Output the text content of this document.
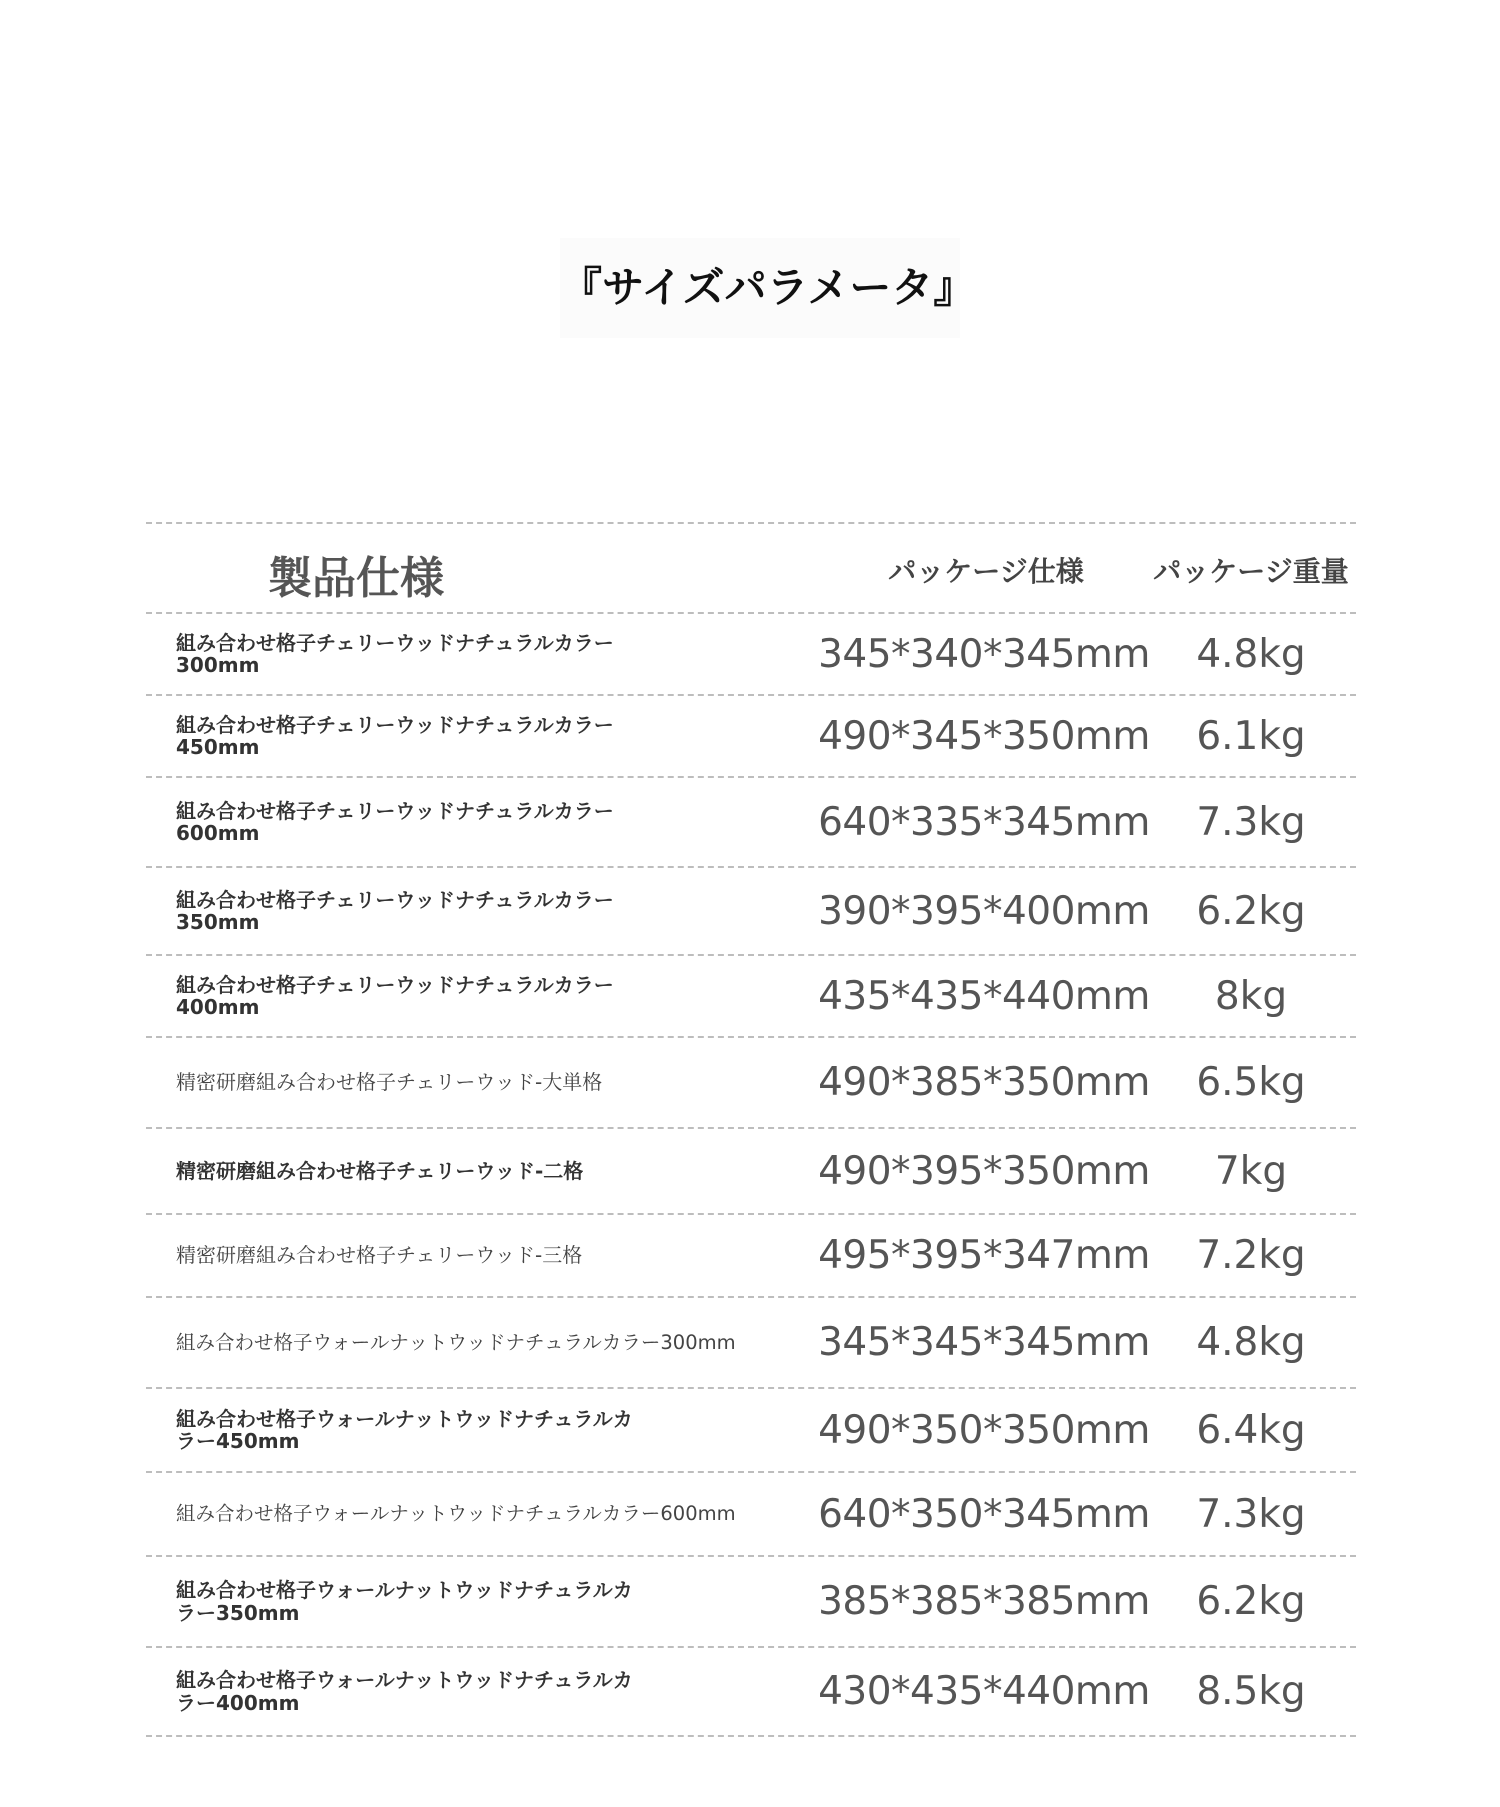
『サイズパラメータ』
製品仕様	パッケージ仕様	パッケージ重量
組み合わせ格子チェリーウッドナチュラルカラー300mm	345*340*345mm	4.8kg
組み合わせ格子チェリーウッドナチュラルカラー450mm	490*345*350mm	6.1kg
組み合わせ格子チェリーウッドナチュラルカラー600mm	640*335*345mm	7.3kg
組み合わせ格子チェリーウッドナチュラルカラー350mm	390*395*400mm	6.2kg
組み合わせ格子チェリーウッドナチュラルカラー400mm	435*435*440mm	8kg
精密研磨組み合わせ格子チェリーウッド-大単格	490*385*350mm	6.5kg
精密研磨組み合わせ格子チェリーウッド-二格	490*395*350mm	7kg
精密研磨組み合わせ格子チェリーウッド-三格	495*395*347mm	7.2kg
組み合わせ格子ウォールナットウッドナチュラルカラー300mm	345*345*345mm	4.8kg
組み合わせ格子ウォールナットウッドナチュラルカラー450mm	490*350*350mm	6.4kg
組み合わせ格子ウォールナットウッドナチュラルカラー600mm	640*350*345mm	7.3kg
組み合わせ格子ウォールナットウッドナチュラルカラー350mm	385*385*385mm	6.2kg
組み合わせ格子ウォールナットウッドナチュラルカラー400mm	430*435*440mm	8.5kg
